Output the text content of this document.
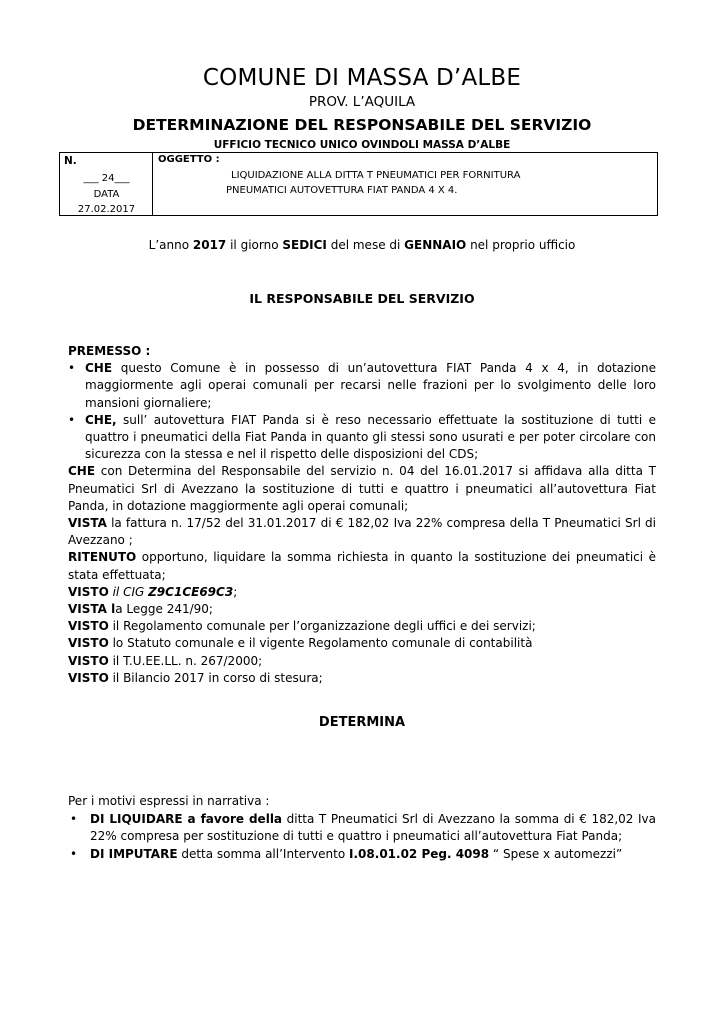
COMUNE DI MASSA D’ALBE
PROV. L’AQUILA
DETERMINAZIONE DEL RESPONSABILE DEL SERVIZIO
UFFICIO TECNICO UNICO OVINDOLI MASSA D’ALBE
N.
___ 24___
DATA
27.02.2017
OGGETTO :
LIQUIDAZIONE ALLA DITTA T PNEUMATICI PER FORNITURA
PNEUMATICI AUTOVETTURA FIAT PANDA 4 X 4.
L’anno 2017 il giorno SEDICI del mese di GENNAIO nel proprio ufficio
IL RESPONSABILE DEL SERVIZIO

PREMESSO :

• CHE questo Comune è in possesso di un’autovettura FIAT Panda 4 x 4, in dotazione maggiormente agli operai comunali per recarsi nelle frazioni per lo svolgimento delle loro mansioni giornaliere;

• CHE, sull’ autovettura FIAT Panda si è reso necessario effettuate la sostituzione di tutti e quattro i pneumatici della Fiat Panda in quanto gli stessi sono usurati e per poter circolare con sicurezza con la stessa e nel il rispetto delle disposizioni del CDS;

CHE con Determina del Responsabile del servizio n. 04 del 16.01.2017 si affidava alla ditta T Pneumatici Srl di Avezzano la sostituzione di tutti e quattro i pneumatici all’autovettura Fiat Panda, in dotazione maggiormente agli operai comunali;

VISTA la fattura n. 17/52 del 31.01.2017 di € 182,02 Iva 22% compresa della T Pneumatici Srl di Avezzano ;

RITENUTO opportuno, liquidare la somma richiesta in quanto la sostituzione dei pneumatici è stata effettuata;

VISTO il CIG Z9C1CE69C3;

VISTA la Legge 241/90;

VISTO il Regolamento comunale per l’organizzazione degli uffici e dei servizi;

VISTO lo Statuto comunale e il vigente Regolamento comunale di contabilità

VISTO il T.U.EE.LL. n. 267/2000;

VISTO il Bilancio 2017 in corso di stesura;

DETERMINA

Per i motivi espressi in narrativa :

• DI LIQUIDARE a favore della ditta T Pneumatici Srl di Avezzano la somma di € 182,02 Iva 22% compresa per sostituzione di tutti e quattro i pneumatici all’autovettura Fiat Panda;

• DI IMPUTARE detta somma all’Intervento I.08.01.02 Peg. 4098 “ Spese x automezzi”
